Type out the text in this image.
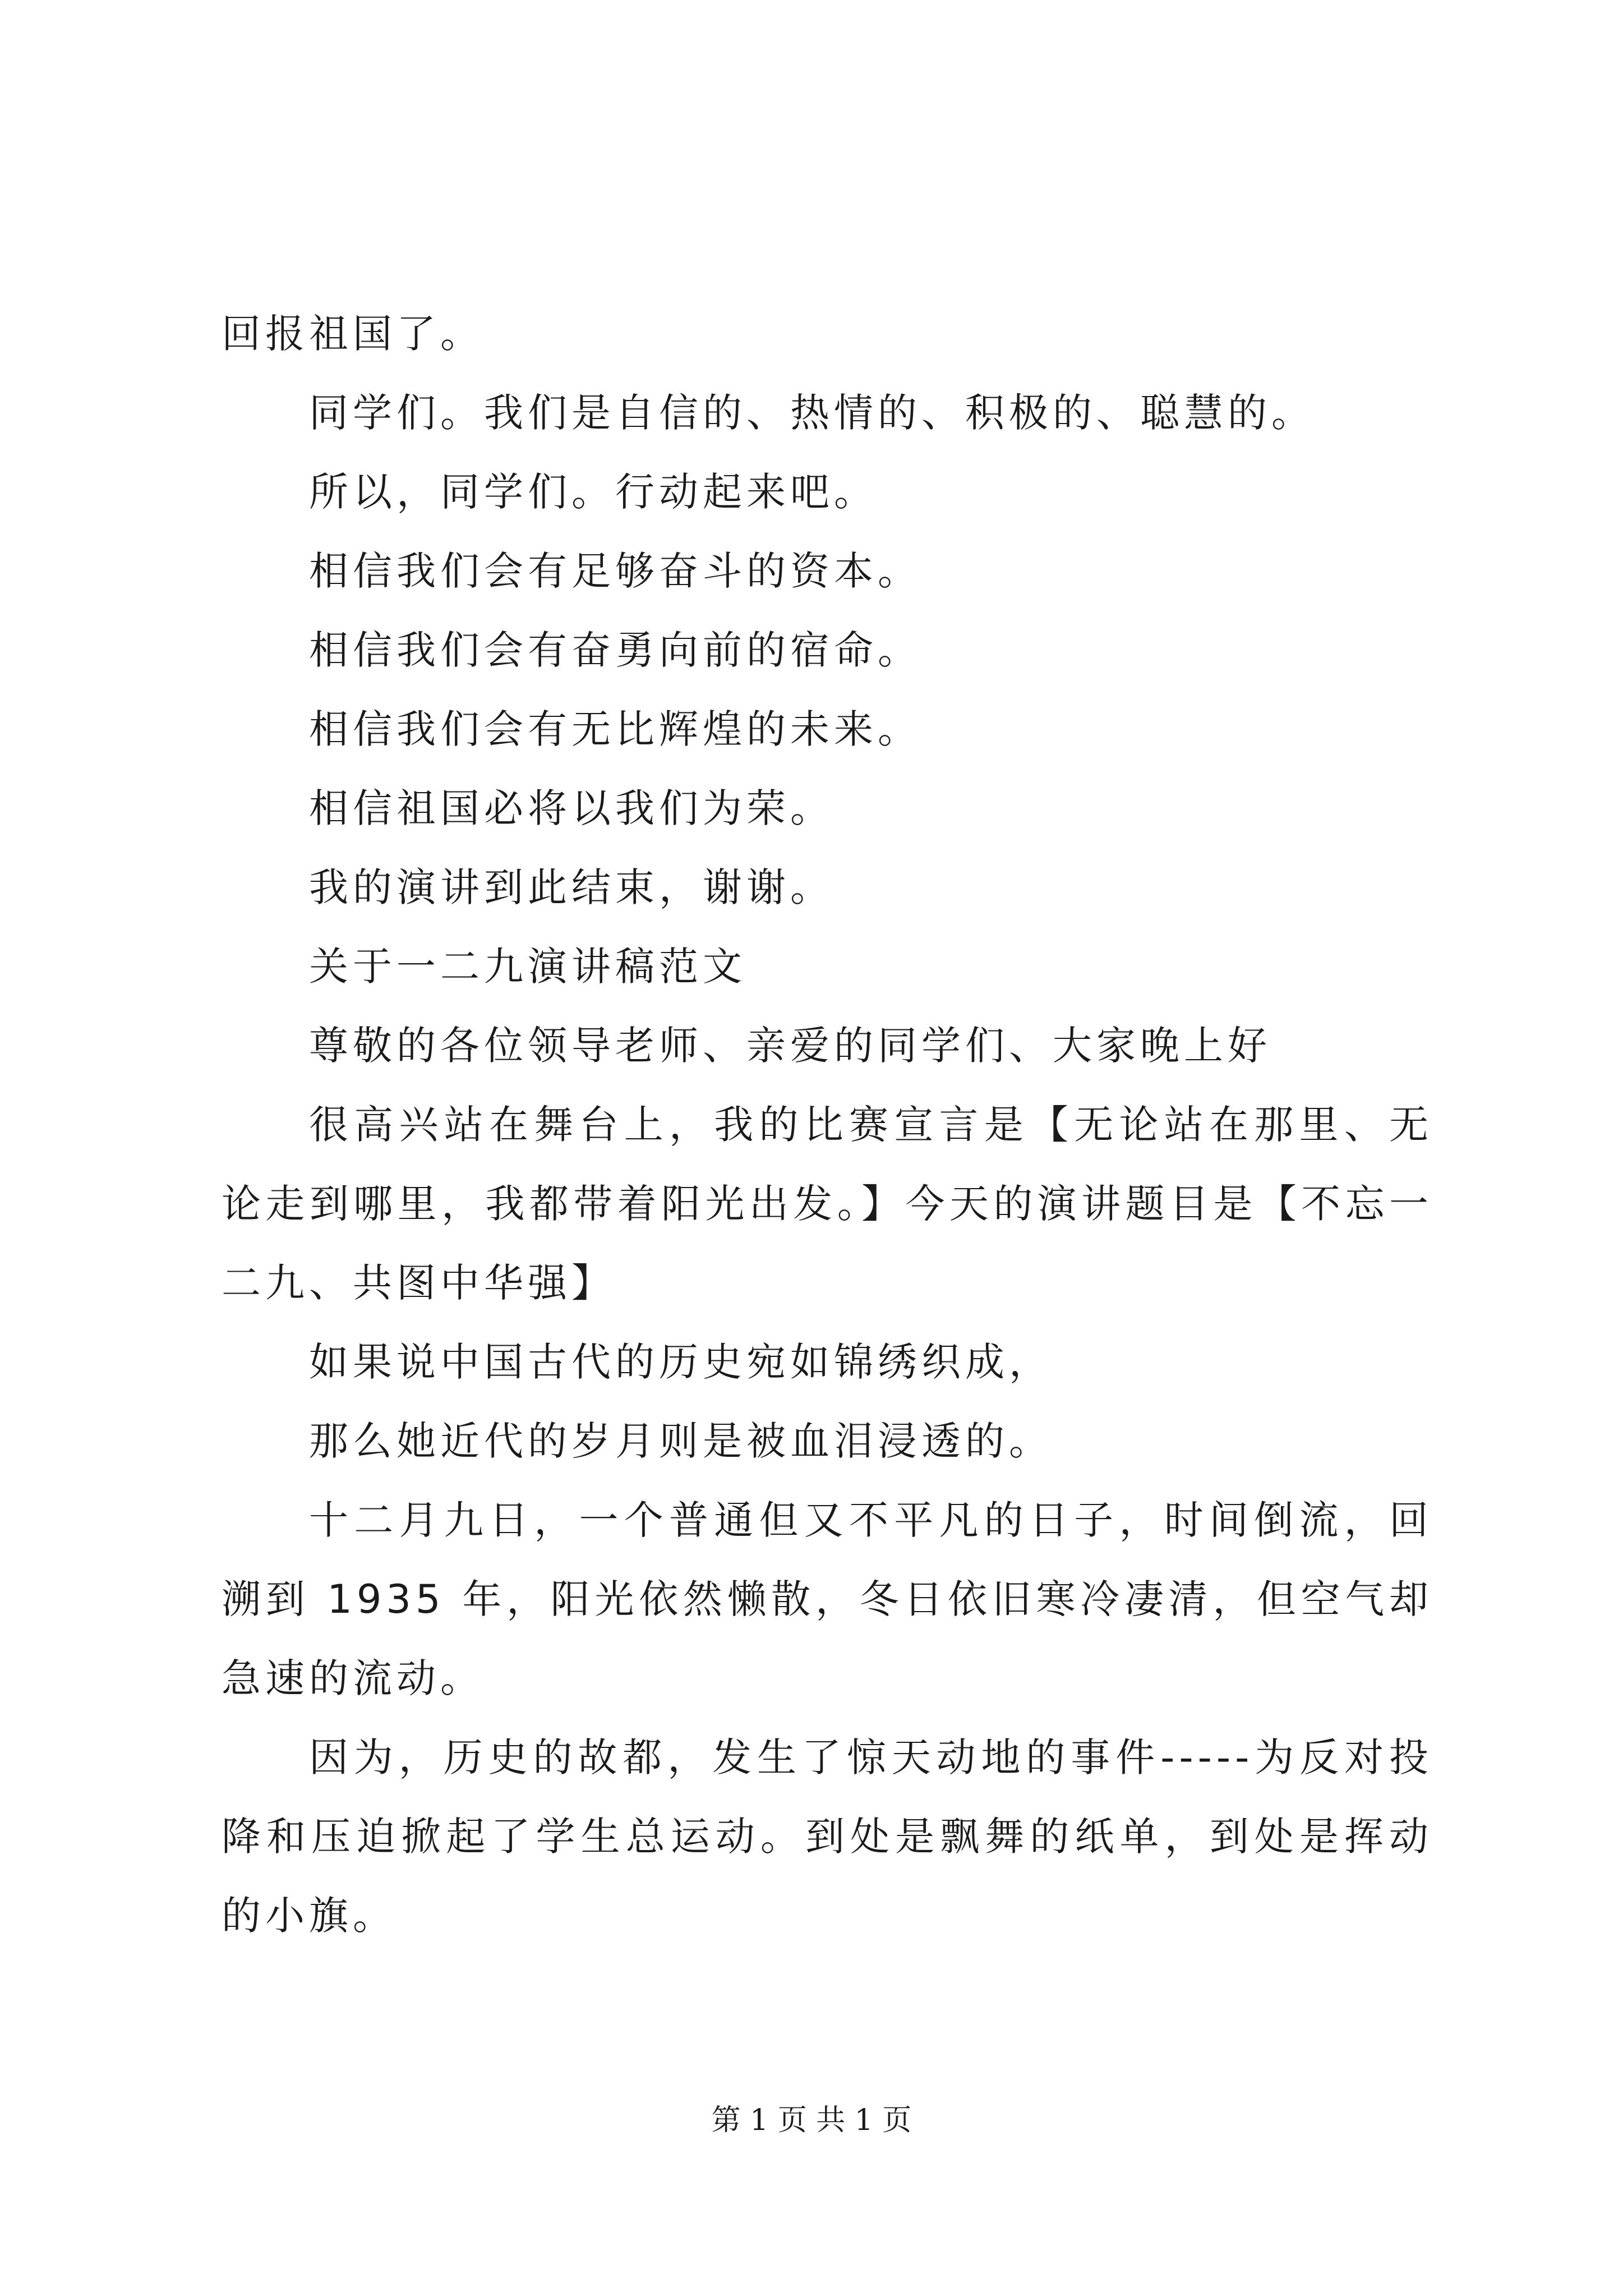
回报祖国了。

同学们。我们是自信的、热情的、积极的、聪慧的。

所以，同学们。行动起来吧。

相信我们会有足够奋斗的资本。

相信我们会有奋勇向前的宿命。

相信我们会有无比辉煌的未来。

相信祖国必将以我们为荣。

我的演讲到此结束，谢谢。

关于一二九演讲稿范文

尊敬的各位领导老师、亲爱的同学们、大家晚上好

很高兴站在舞台上，我的比赛宣言是【无论站在那里、无论走到哪里，我都带着阳光出发。】今天的演讲题目是【不忘一二九、共图中华强】

如果说中国古代的历史宛如锦绣织成，

那么她近代的岁月则是被血泪浸透的。

十二月九日，一个普通但又不平凡的日子，时间倒流，回溯到 1935 年，阳光依然懒散，冬日依旧寒冷凄清，但空气却急速的流动。

因为，历史的故都，发生了惊天动地的事件-----为反对投降和压迫掀起了学生总运动。到处是飘舞的纸单，到处是挥动的小旗。

第 1 页 共 1 页
